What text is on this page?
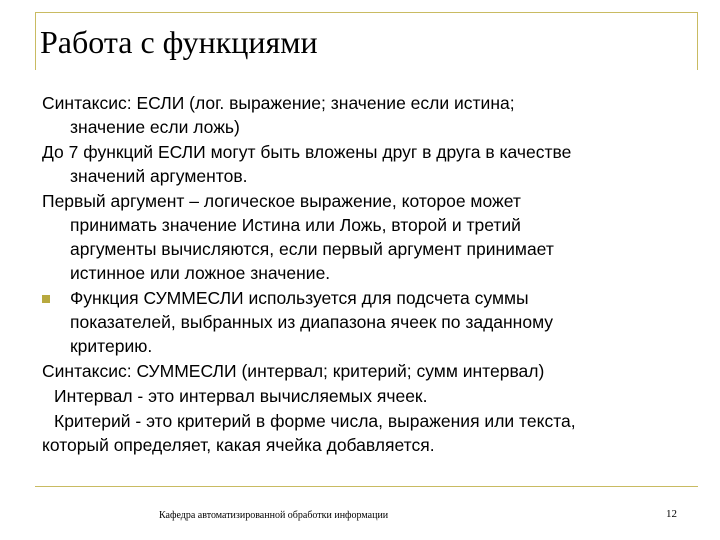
Работа с функциями

Синтаксис: ЕСЛИ (лог. выражение; значение если истина;
значение если ложь)

До 7 функций ЕСЛИ могут быть вложены друг в друга в качестве
значений аргументов.

Первый аргумент – логическое выражение, которое может
принимать значение Истина или Ложь, второй и третий
аргументы вычисляются, если первый аргумент принимает
истинное или ложное значение.

Функция СУММЕСЛИ используется для подсчета суммы
показателей, выбранных из диапазона ячеек по заданному
критерию.

Синтаксис: СУММЕСЛИ (интервал; критерий; сумм интервал)

Интервал - это интервал вычисляемых ячеек.

Критерий - это критерий в форме числа, выражения или текста,
который определяет, какая ячейка добавляется.

Кафедра автоматизированной обработки информации	12
